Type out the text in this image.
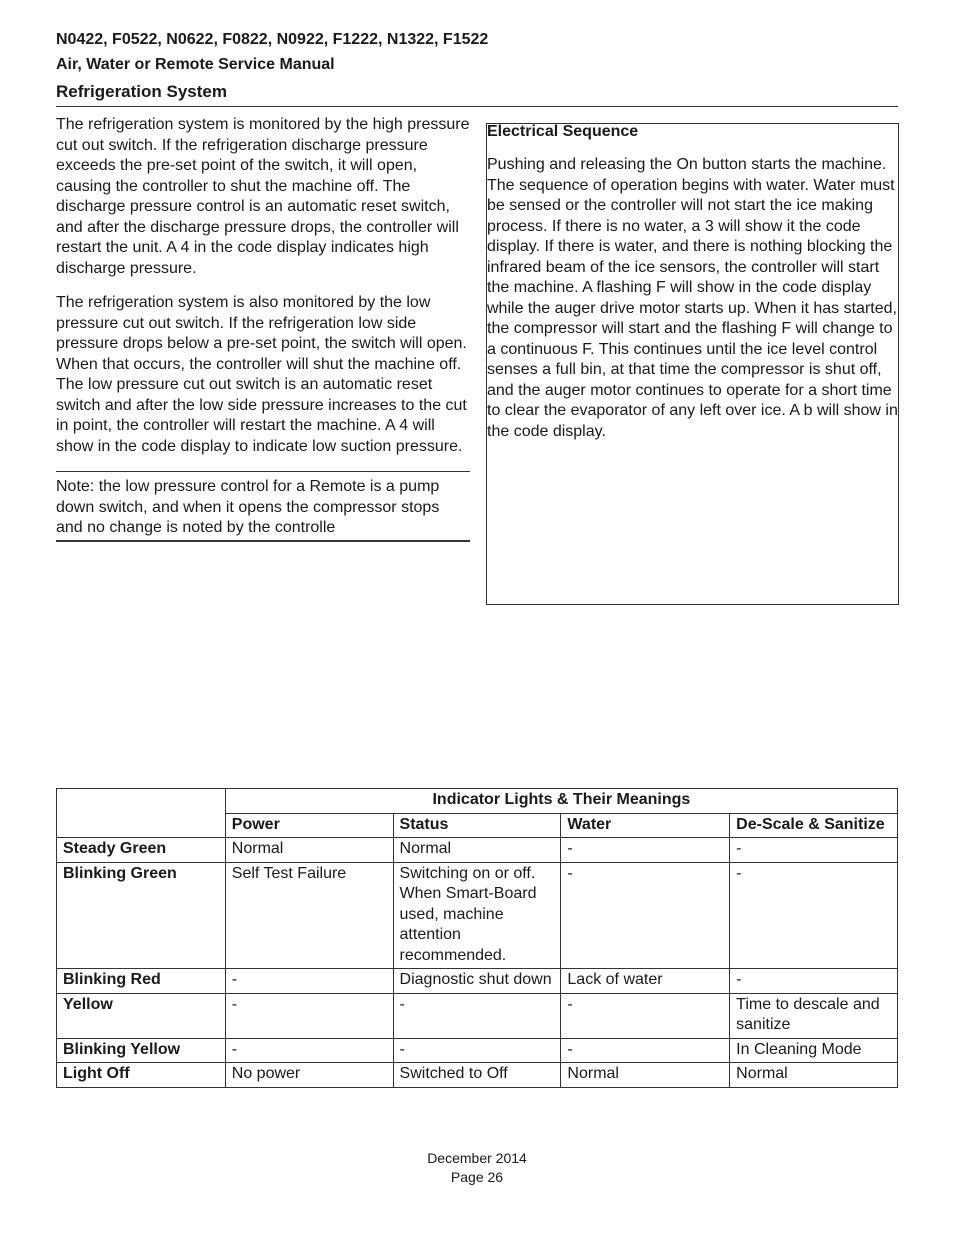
N0422, F0522, N0622, F0822, N0922, F1222, N1322, F1522
Air, Water or Remote Service Manual
Refrigeration System

The refrigeration system is monitored by the high pressure cut out switch. If the refrigeration discharge pressure exceeds the pre-set point of the switch, it will open, causing the controller to shut the machine off. The discharge pressure control is an automatic reset switch, and after the discharge pressure drops, the controller will restart the unit. A 4 in the code display indicates high discharge pressure.

The refrigeration system is also monitored by the low pressure cut out switch. If the refrigeration low side pressure drops below a pre-set point, the switch will open. When that occurs, the controller will shut the machine off. The low pressure cut out switch is an automatic reset switch and after the low side pressure increases to the cut in point, the controller will restart the machine. A 4 will show in the code display to indicate low suction pressure.

Note: the low pressure control for a Remote is a pump down switch, and when it opens the compressor stops and no change is noted by the controlle

Electrical Sequence

Pushing and releasing the On button starts the machine. The sequence of operation begins with water. Water must be sensed or the controller will not start the ice making process. If there is no water, a 3 will show it the code display. If there is water, and there is nothing blocking the infrared beam of the ice sensors, the controller will start the machine. A flashing F will show in the code display while the auger drive motor starts up. When it has started, the compressor will start and the flashing F will change to a continuous F. This continues until the ice level control senses a full bin, at that time the compressor is shut off, and the auger motor continues to operate for a short time to clear the evaporator of any left over ice. A b will show in the code display.

	Indicator Lights & Their Meanings			
	Power	Status	Water	De-Scale & Sanitize
Steady Green	Normal	Normal	-	-
Blinking Green	Self Test Failure	Switching on or off. When Smart-Board used, machine attention recommended.	-	-
Blinking Red	-	Diagnostic shut down	Lack of water	-
Yellow	-	-	-	Time to descale and sanitize
Blinking Yellow	-	-	-	In Cleaning Mode
Light Off	No power	Switched to Off	Normal	Normal
December 2014
Page 26
